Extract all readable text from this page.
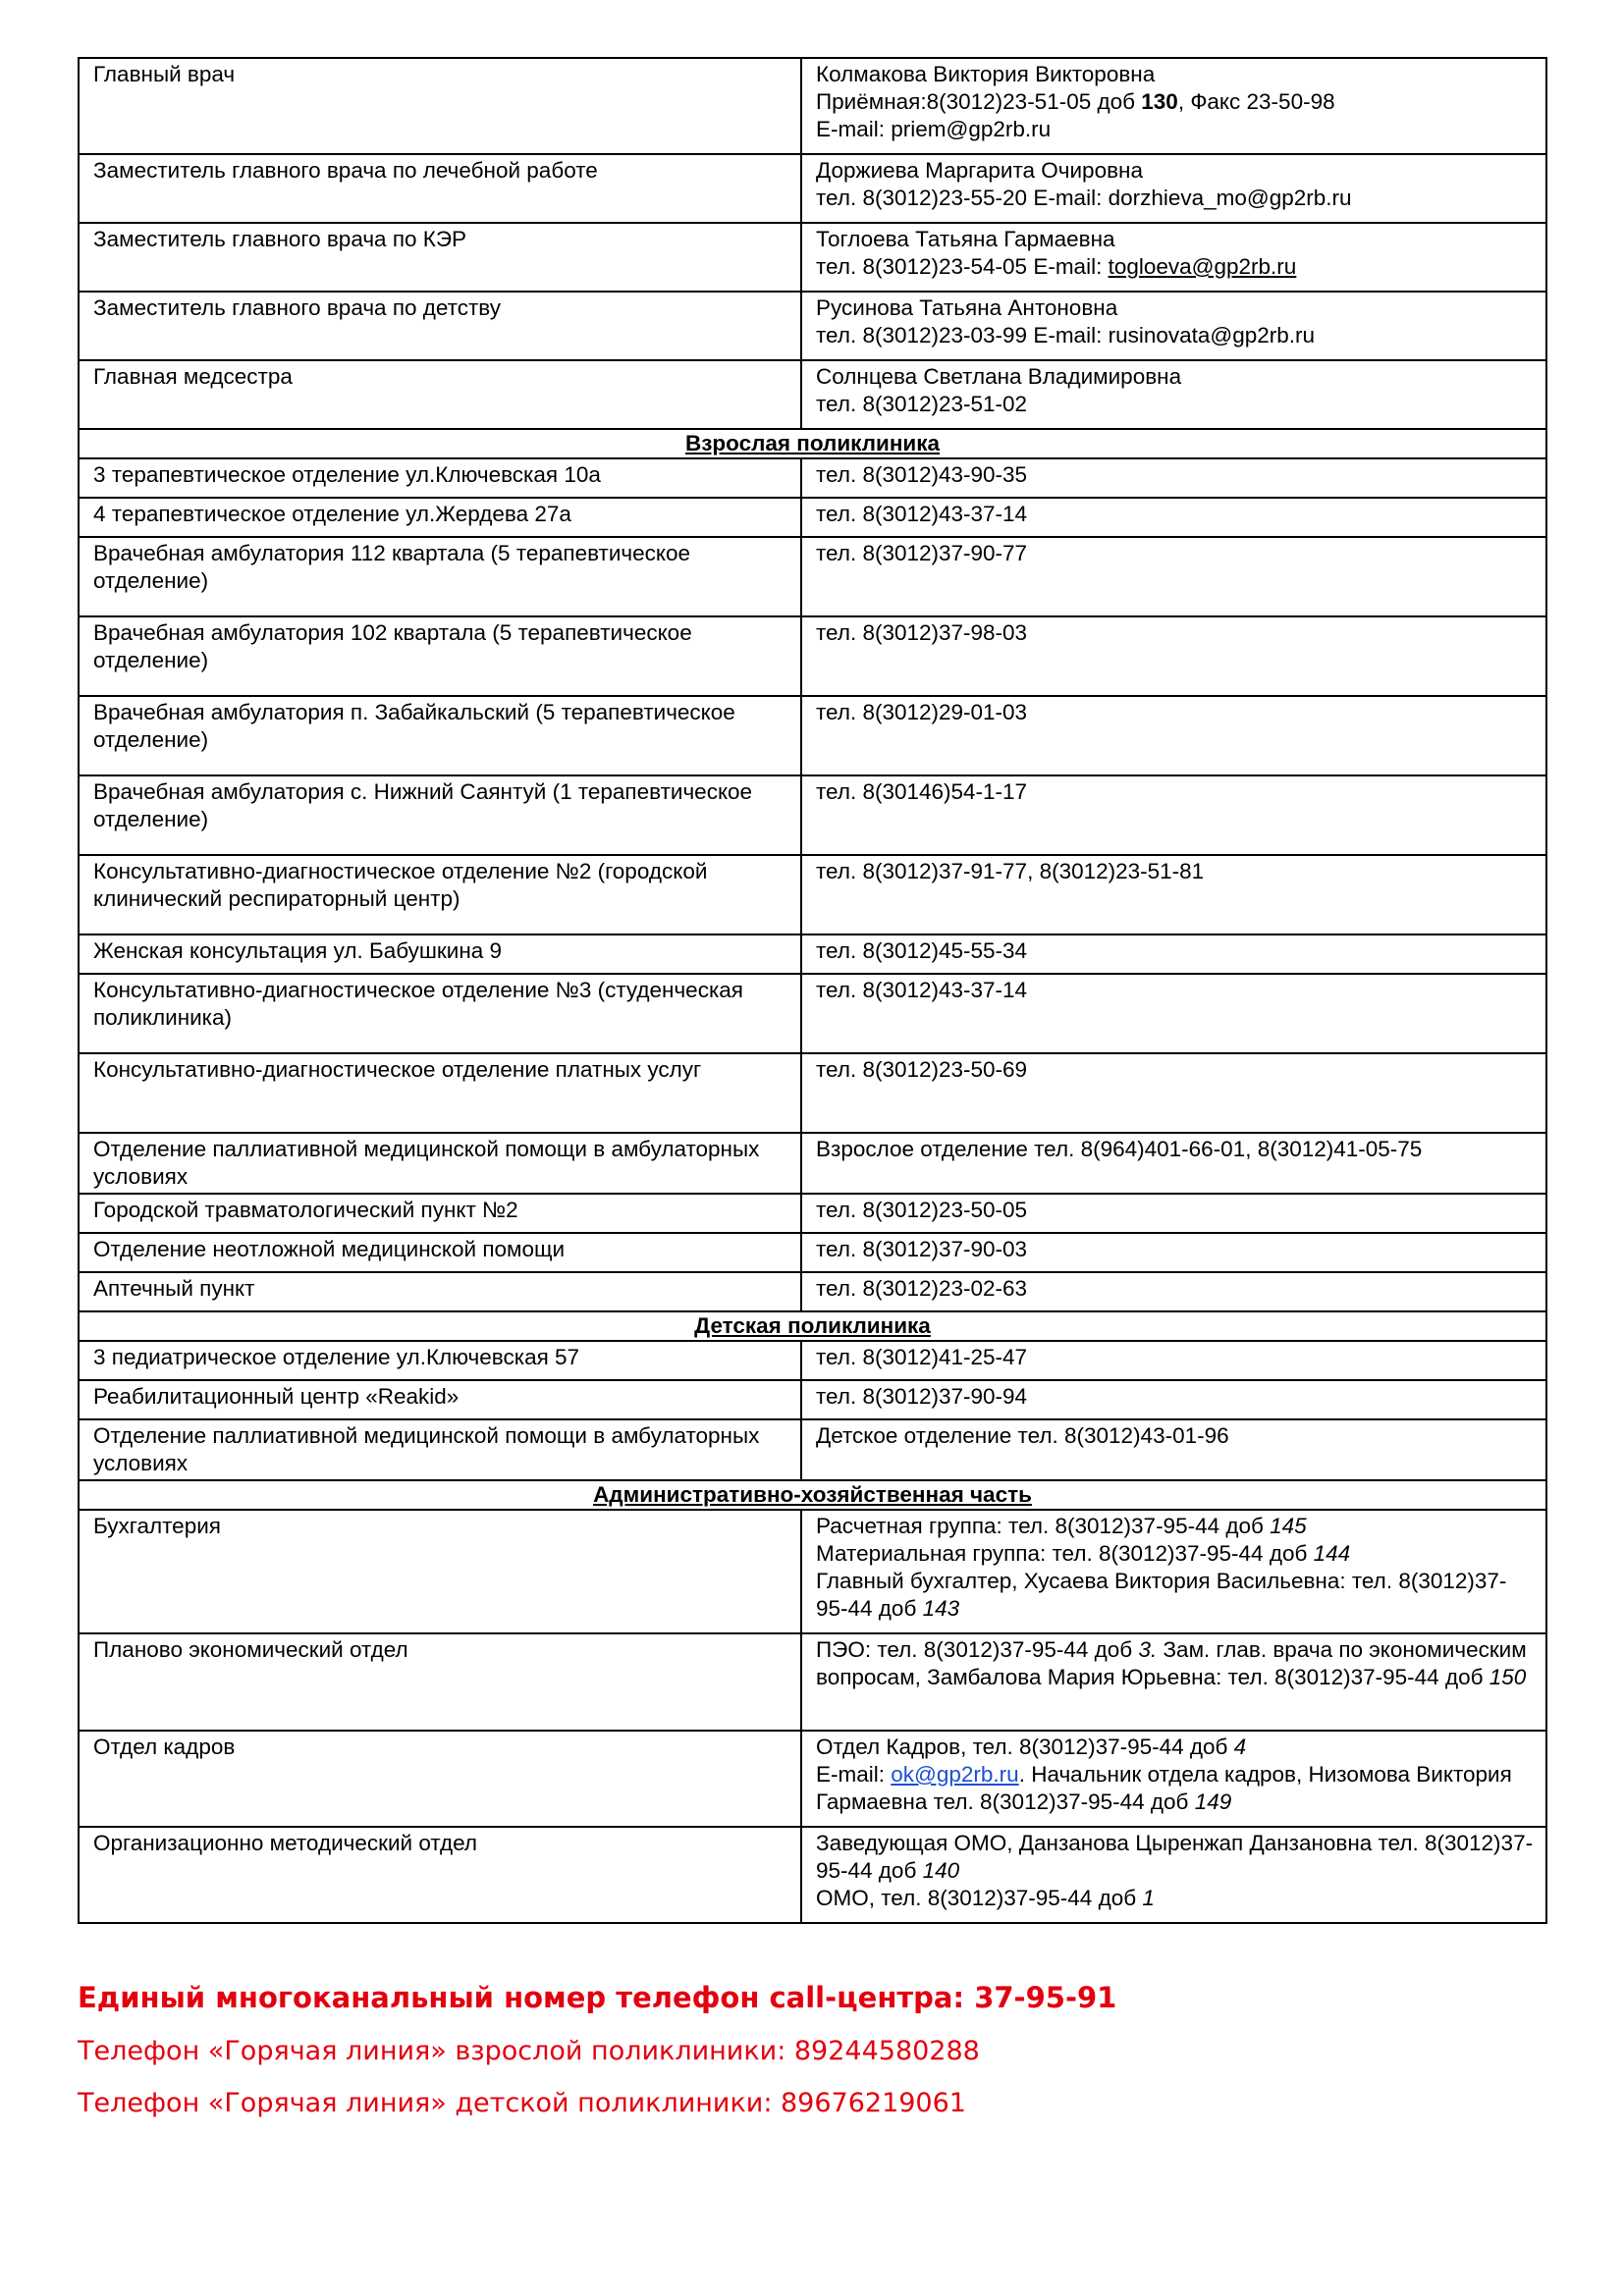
Главный врач	Колмакова Виктория Викторовна
Приёмная:8(3012)23-51-05 доб 130, Факс 23-50-98
E-mail: priem@gp2rb.ru

Заместитель главного врача по лечебной работе	Доржиева Маргарита Очировна
тел. 8(3012)23-55-20 E-mail: dorzhieva_mo@gp2rb.ru

Заместитель главного врача по КЭР	Тоглоева Татьяна Гармаевна
тел. 8(3012)23-54-05 E-mail: togloeva@gp2rb.ru

Заместитель главного врача по детству	Русинова Татьяна Антоновна
тел. 8(3012)23-03-99 E-mail: rusinovata@gp2rb.ru

Главная медсестра	Солнцева Светлана Владимировна
тел. 8(3012)23-51-02

Взрослая поликлиника	
3 терапевтическое отделение ул.Ключевская 10а	тел. 8(3012)43-90-35
4 терапевтическое отделение ул.Жердева 27а	тел. 8(3012)43-37-14
Врачебная амбулатория 112 квартала (5 терапевтическое отделение)	тел. 8(3012)37-90-77
Врачебная амбулатория 102 квартала (5 терапевтическое отделение)	тел. 8(3012)37-98-03
Врачебная амбулатория п. Забайкальский (5 терапевтическое отделение)	тел. 8(3012)29-01-03
Врачебная амбулатория с. Нижний Саянтуй (1 терапевтическое отделение)	тел. 8(30146)54-1-17
Консультативно-диагностическое отделение №2 (городской клинический респираторный центр)	тел. 8(3012)37-91-77, 8(3012)23-51-81
Женская консультация ул. Бабушкина 9	тел. 8(3012)45-55-34
Консультативно-диагностическое отделение №3 (студенческая поликлиника)	тел. 8(3012)43-37-14
Консультативно-диагностическое отделение платных услуг	тел. 8(3012)23-50-69
Отделение паллиативной медицинской помощи в амбулаторных условиях	Взрослое отделение тел. 8(964)401-66-01, 8(3012)41-05-75
Городской травматологический пункт №2	тел. 8(3012)23-50-05
Отделение неотложной медицинской помощи	тел. 8(3012)37-90-03
Аптечный пункт	тел. 8(3012)23-02-63
Детская поликлиника	
3 педиатрическое отделение ул.Ключевская 57	тел. 8(3012)41-25-47
Реабилитационный центр «Reakid»	тел. 8(3012)37-90-94
Отделение паллиативной медицинской помощи в амбулаторных условиях	Детское отделение тел. 8(3012)43-01-96
Административно-хозяйственная часть	
Бухгалтерия	Расчетная группа: тел. 8(3012)37-95-44 доб 145
Материальная группа: тел. 8(3012)37-95-44 доб 144
Главный бухгалтер, Хусаева Виктория Васильевна: тел. 8(3012)37-95-44 доб 143

Планово экономический отдел	ПЭО: тел. 8(3012)37-95-44 доб 3. Зам. глав. врача по экономическим вопросам, Замбалова Мария Юрьевна: тел. 8(3012)37-95-44 доб 150

Отдел кадров	Отдел Кадров, тел. 8(3012)37-95-44 доб 4
E-mail: ok@gp2rb.ru. Начальник отдела кадров, Низомова Виктория Гармаевна тел. 8(3012)37-95-44 доб 149

Организационно методический отдел	Заведующая ОМО, Данзанова Цыренжап Данзановна тел. 8(3012)37-95-44 доб 140
ОМО, тел. 8(3012)37-95-44 доб 1
Единый многоканальный номер телефон call-центра: 37-95-91
Телефон «Горячая линия» взрослой поликлиники: 89244580288
Телефон «Горячая линия» детской поликлиники: 89676219061
